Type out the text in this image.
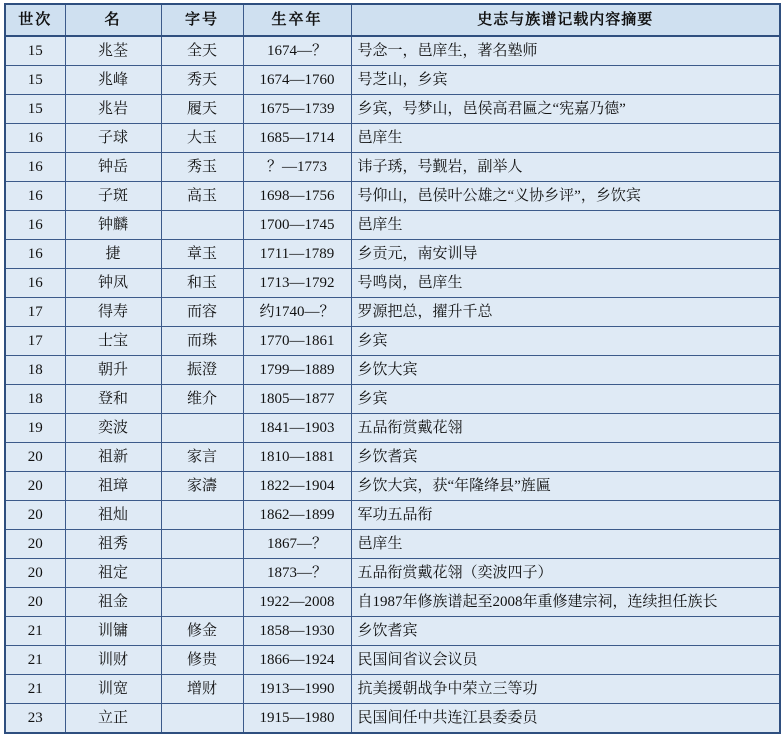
世次	名	字号	生卒年	史志与族谱记载内容摘要
15	兆荃	全天	1674—？	号念一，邑庠生，著名塾师
15	兆峰	秀天	1674—1760	号芝山，乡宾
15	兆岩	履天	1675—1739	乡宾，号梦山，邑侯高君匾之“宪嘉乃德”
16	子球	大玉	1685—1714	邑庠生
16	钟岳	秀玉	？—1773	讳子琇，号觐岩，副举人
16	子斑	高玉	1698—1756	号仰山，邑侯叶公雄之“义协乡评”，乡饮宾
16	钟麟		1700—1745	邑庠生
16	捷	章玉	1711—1789	乡贡元，南安训导
16	钟凤	和玉	1713—1792	号鸣岗，邑庠生
17	得寿	而容	约1740—？	罗源把总，擢升千总
17	士宝	而珠	1770—1861	乡宾
18	朝升	振澄	1799—1889	乡饮大宾
18	登和	维介	1805—1877	乡宾
19	奕波		1841—1903	五品衔赏戴花翎
20	祖新	家言	1810—1881	乡饮耆宾
20	祖璋	家濤	1822—1904	乡饮大宾，获“年隆绛县”旌匾
20	祖灿		1862—1899	军功五品衔
20	祖秀		1867—？	邑庠生
20	祖定		1873—？	五品衔赏戴花翎（奕波四子）
20	祖金		1922—2008	自1987年修族谱起至2008年重修建宗祠，连续担任族长
21	训镛	修金	1858—1930	乡饮耆宾
21	训财	修贵	1866—1924	民国间省议会议员
21	训宽	增财	1913—1990	抗美援朝战争中荣立三等功
23	立正		1915—1980	民国间任中共连江县委委员
